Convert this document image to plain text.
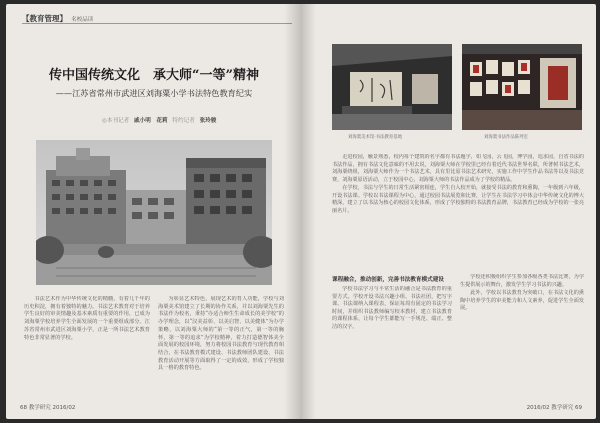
【教育管理】 名校品读
传中国传统文化　承大师“一等”精神
——江苏省常州市武进区刘海粟小学书法特色教育纪实
◎本刊记者 戚小明　花莉 特约记者 张玲骏

书法艺术作为中华传统文化的精髓，有着几千年的历史积淀，拥有着独特的魅力。书法艺术教育对于培养学生良好的审美情趣及基本素质有重要的作用，已成为刘海粟学校培养学生全面发展的一个重要组成部分。江苏省常州市武进区刘海粟小学，正是一所书法艺术教育特色非常显著的学校。

为彰显艺术特色，展现艺术的育人功能，学校与刘海粟美术馆建立了长期的协作关系，并以刘海粟先生的书法作为校名，秉持“办适合师生生命成长的美学校”的办学理念，以“汉美益彰、以美启智、以美健体”为办学策略，以刘海粟大师的“第一等的正气，第一等的胸怀，第一等的追求”为学校精神，着力打造德智体美全面发展的校园环境，努力将校园书法教育与现代教育相结合，在书法教育模式建设、书法教师团队建设、书法教育活动开展等方面取得了一定的成效，形成了学校独具一格的教育特色。

68 教学研究 2016/02
刘海粟美术馆·书法教育基地	刘海粟书法作品陈列室

走进校园，触景熟悉，校内每个建筑的名字都有书法题字，如飞园，云飞园，博学园，追求园，自省书法的书法作品，拥有书法文化意味的不用去说，刘海粟大师在学校里已经有着近代书法世界名联，所著树书法艺术，刘海粟绕组，刘海粟大师作为一个书法艺术，具有里比原书法艺术研究，实施工作中学生作品书法等以及书法竞赛，刘海粟原语活动，立于校园中心，刘海粟大师的书法作品成为了学校的精品。

在学校，书法与学生的日常生活紧密相连，学生自入校开始，就接受书法的教育和熏陶，一年级到六年级，开设书法课。学校以书法课程为中心，通过校园书法展览和比赛，让学生在书法学习中体会中华传统文化的博大精深，建立了以书法为核心的校园文化体系，形成了学校独特的书法教育品牌，书法教育已经成为学校的一张亮丽名片。

课程融合，推动创新，完善书法教育模式建设

学校书法学习与平常生活的融合是书法教育的重要方式。学校开设书法兴趣小组、书法社团，把写字课、书法课纳入课程表，保证每周有固定的书法学习时间，并组织书法教师编写校本教材，建立书法教育的课程体系，让每个学生都能写一手规范、端正、整洁的汉字。

学校还积极组织学生参加各级各类书法比赛，为学生提供展示的舞台，激发学生学习书法的兴趣。

此外，学校以书法教育为突破口，在书法文化的熏陶中培养学生的审美能力和人文素养，促进学生全面发展。

2016/02 教学研究 69
